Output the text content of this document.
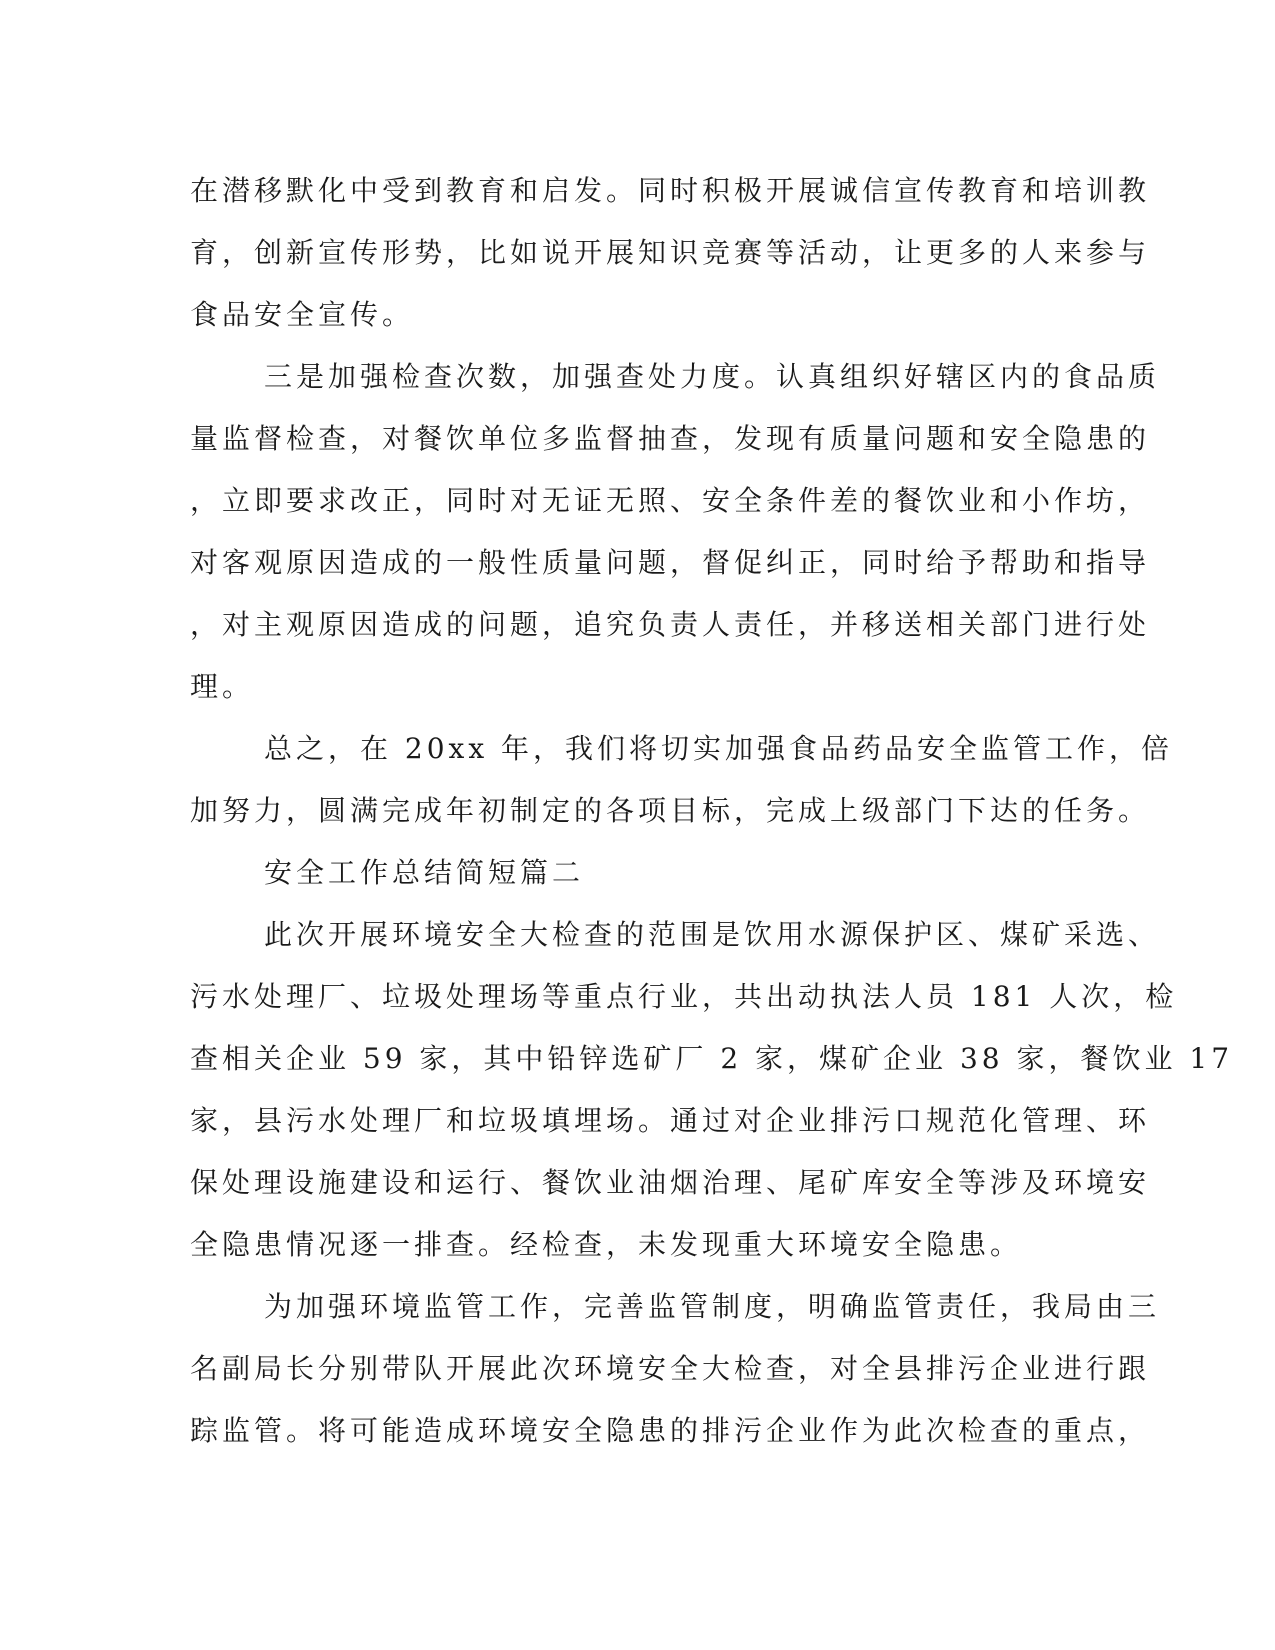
在潜移默化中受到教育和启发。同时积极开展诚信宣传教育和培训教
育，创新宣传形势，比如说开展知识竞赛等活动，让更多的人来参与
食品安全宣传。
三是加强检查次数，加强查处力度。认真组织好辖区内的食品质
量监督检查，对餐饮单位多监督抽查，发现有质量问题和安全隐患的
，立即要求改正，同时对无证无照、安全条件差的餐饮业和小作坊，
对客观原因造成的一般性质量问题，督促纠正，同时给予帮助和指导
，对主观原因造成的问题，追究负责人责任，并移送相关部门进行处
理。
总之，在 20xx 年，我们将切实加强食品药品安全监管工作，倍
加努力，圆满完成年初制定的各项目标，完成上级部门下达的任务。
安全工作总结简短篇二
此次开展环境安全大检查的范围是饮用水源保护区、煤矿采选、
污水处理厂、垃圾处理场等重点行业，共出动执法人员 181 人次，检
查相关企业 59 家，其中铅锌选矿厂 2 家，煤矿企业 38 家，餐饮业 17
家，县污水处理厂和垃圾填埋场。通过对企业排污口规范化管理、环
保处理设施建设和运行、餐饮业油烟治理、尾矿库安全等涉及环境安
全隐患情况逐一排查。经检查，未发现重大环境安全隐患。
为加强环境监管工作，完善监管制度，明确监管责任，我局由三
名副局长分别带队开展此次环境安全大检查，对全县排污企业进行跟
踪监管。将可能造成环境安全隐患的排污企业作为此次检查的重点，
